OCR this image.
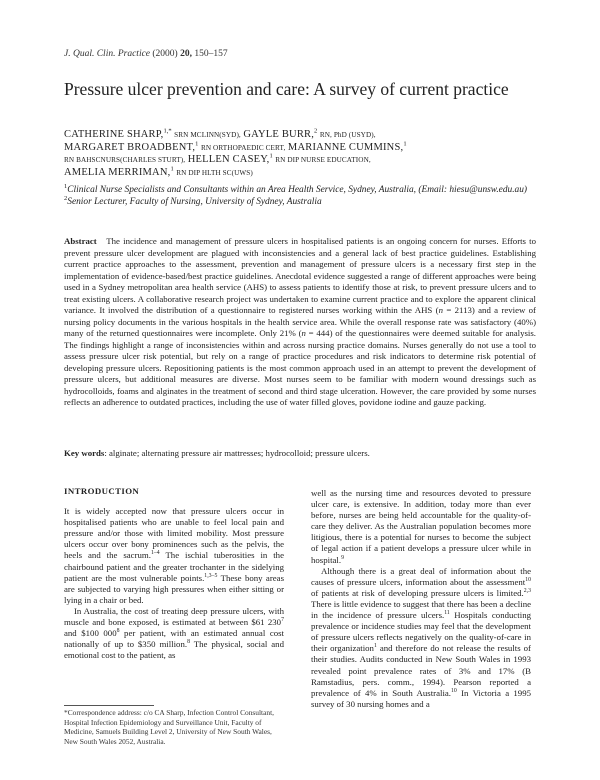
J. Qual. Clin. Practice (2000) 20, 150–157
Pressure ulcer prevention and care: A survey of current practice
CATHERINE SHARP,$^{1,*}$ SRN MCLINN(SYD), GAYLE BURR,$^2$ RN, PhD (USYD),
MARGARET BROADBENT,$^1$ RN ORTHOPAEDIC CERT, MARIANNE CUMMINS,$^1$
RN BAHSCNURS(CHARLES STURT), HELLEN CASEY,$^1$ RN DIP NURSE EDUCATION,
AMELIA MERRIMAN,$^1$ RN DIP HLTH SC(UWS)
$^1$Clinical Nurse Specialists and Consultants within an Area Health Service, Sydney, Australia, (Email: hiesu@unsw.edu.au) $^2$Senior Lecturer, Faculty of Nursing, University of Sydney, Australia
Abstract The incidence and management of pressure ulcers in hospitalised patients is an ongoing concern for nurses. Efforts to prevent pressure ulcer development are plagued with inconsistencies and a general lack of best practice guidelines. Establishing current practice approaches to the assessment, prevention and management of pressure ulcers is a necessary first step in the implementation of evidence-based/best practice guidelines. Anecdotal evidence suggested a range of different approaches were being used in a Sydney metropolitan area health service (AHS) to assess patients to identify those at risk, to prevent pressure ulcers and to treat existing ulcers. A collaborative research project was undertaken to examine current practice and to explore the apparent clinical variance. It involved the distribution of a questionnaire to registered nurses working within the AHS (n = 2113) and a review of nursing policy documents in the various hospitals in the health service area. While the overall response rate was satisfactory (40%) many of the returned questionnaires were incomplete. Only 21% (n = 444) of the questionnaires were deemed suitable for analysis. The findings highlight a range of inconsistencies within and across nursing practice domains. Nurses generally do not use a tool to assess pressure ulcer risk potential, but rely on a range of practice procedures and risk indicators to determine risk potential of developing pressure ulcers. Repositioning patients is the most common approach used in an attempt to prevent the development of pressure ulcers, but additional measures are diverse. Most nurses seem to be familiar with modern wound dressings such as hydrocolloids, foams and alginates in the treatment of second and third stage ulceration. However, the care provided by some nurses reflects an adherence to outdated practices, including the use of water filled gloves, povidone iodine and gauze packing.
Key words: alginate; alternating pressure air mattresses; hydrocolloid; pressure ulcers.
INTRODUCTION

It is widely accepted now that pressure ulcers occur in hospitalised patients who are unable to feel local pain and pressure and/or those with limited mobility. Most pressure ulcers occur over bony prominences such as the pelvis, the heels and the sacrum.$^{1-4}$ The ischial tuberosities in the chairbound patient and the greater trochanter in the sidelying patient are the most vulnerable points.$^{1,3-5}$ These bony areas are subjected to varying high pressures when either sitting or lying in a chair or bed.

In Australia, the cost of treating deep pressure ulcers, with muscle and bone exposed, is estimated at between $61 $230^7$ and $100 $000^8$ per patient, with an estimated annual cost nationally of up to $350 million.$^8$ The physical, social and emotional cost to the patient, as

*Correspondence address: c/o CA Sharp, Infection Control Consultant, Hospital Infection Epidemiology and Surveillance Unit, Faculty of Medicine, Samuels Building Level 2, University of New South Wales, New South Wales 2052, Australia.

well as the nursing time and resources devoted to pressure ulcer care, is extensive. In addition, today more than ever before, nurses are being held accountable for the quality-of-care they deliver. As the Australian population becomes more litigious, there is a potential for nurses to become the subject of legal action if a patient develops a pressure ulcer while in hospital.$^9$

Although there is a great deal of information about the causes of pressure ulcers, information about the assessment$^{10}$ of patients at risk of developing pressure ulcers is limited.$^{2,3}$ There is little evidence to suggest that there has been a decline in the incidence of pressure ulcers.$^{11}$ Hospitals conducting prevalence or incidence studies may feel that the development of pressure ulcers reflects negatively on the quality-of-care in their organization$^1$ and therefore do not release the results of their studies. Audits conducted in New South Wales in 1993 revealed point prevalence rates of 3% and 17% (B Ramstadius, pers. comm., 1994). Pearson reported a prevalence of 4% in South Australia.$^{10}$ In Victoria a 1995 survey of 30 nursing homes and a
